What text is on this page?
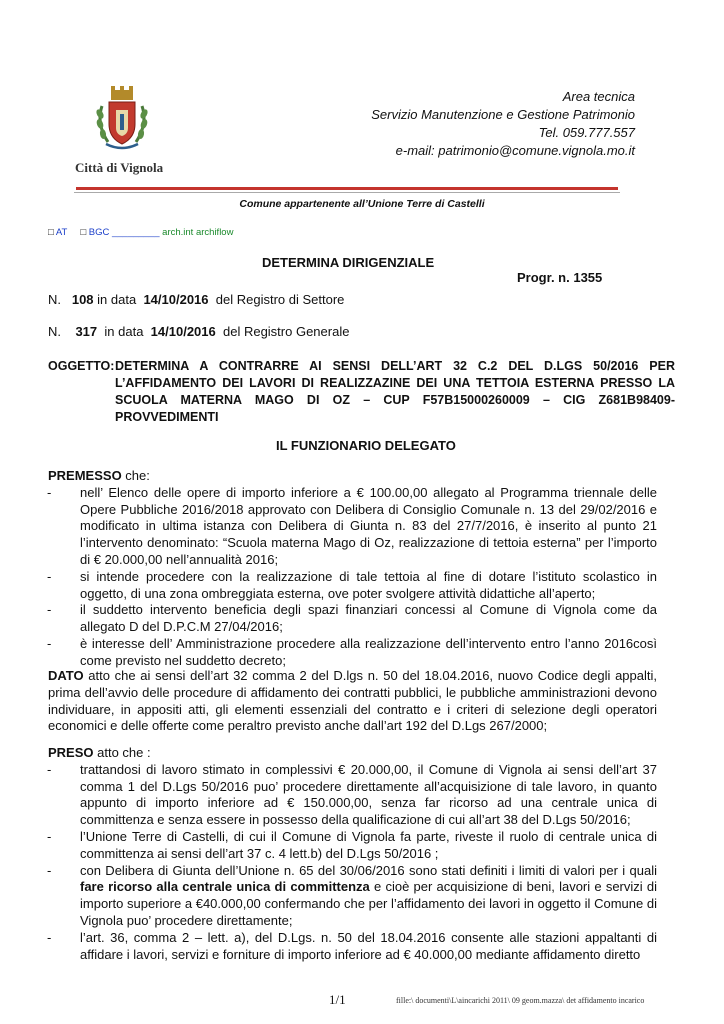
Città di Vignola
Area tecnica
Servizio Manutenzione e Gestione Patrimonio
Tel. 059.777.557
e-mail: patrimonio@comune.vignola.mo.it
Comune appartenente all’Unione Terre di Castelli
□ AT □ BGC _________ arch.int archiflow
DETERMINA DIRIGENZIALE
Progr. n. 1355
N. 108 in data 14/10/2016 del Registro di Settore
N. 317 in data 14/10/2016 del Registro Generale
OGGETTO: DETERMINA A CONTRARRE AI SENSI DELL’ART 32 C.2 DEL D.LGS 50/2016 PER L’AFFIDAMENTO DEI LAVORI DI REALIZZAZINE DEI UNA TETTOIA ESTERNA PRESSO LA SCUOLA MATERNA MAGO DI OZ – CUP F57B15000260009 – CIG Z681B98409- PROVVEDIMENTI
IL FUNZIONARIO DELEGATO
PREMESSO che:
-	nell’ Elenco delle opere di importo inferiore a € 100.00,00 allegato al Programma triennale delle Opere Pubbliche 2016/2018 approvato con Delibera di Consiglio Comunale n. 13 del 29/02/2016 e modificato in ultima istanza con Delibera di Giunta n. 83 del 27/7/2016, è inserito al punto 21 l’intervento denominato: “Scuola materna Mago di Oz, realizzazione di tettoia esterna” per l’importo di € 20.000,00 nell’annualità 2016;
-	si intende procedere con la realizzazione di tale tettoia al fine di dotare l’istituto scolastico in oggetto, di una zona ombreggiata esterna, ove poter svolgere attività didattiche all’aperto;
-	il suddetto intervento beneficia degli spazi finanziari concessi al Comune di Vignola come da allegato D del D.P.C.M 27/04/2016;
-	è interesse dell’ Amministrazione procedere alla realizzazione dell’intervento entro l’anno 2016così come previsto nel suddetto decreto;
DATO atto che ai sensi dell’art 32 comma 2 del D.lgs n. 50 del 18.04.2016, nuovo Codice degli appalti, prima dell’avvio delle procedure di affidamento dei contratti pubblici, le pubbliche amministrazioni devono individuare, in appositi atti, gli elementi essenziali del contratto e i criteri di selezione degli operatori economici e delle offerte come peraltro previsto anche dall’art 192 del D.Lgs 267/2000;
PRESO atto che :
-	trattandosi di lavoro stimato in complessivi € 20.000,00, il Comune di Vignola ai sensi dell’art 37 comma 1 del D.Lgs 50/2016 puo’ procedere direttamente all’acquisizione di tale lavoro, in quanto appunto di importo inferiore ad € 150.000,00, senza far ricorso ad una centrale unica di committenza e senza essere in possesso della qualificazione di cui all’art 38 del D.Lgs 50/2016;
-	l’Unione Terre di Castelli, di cui il Comune di Vignola fa parte, riveste il ruolo di centrale unica di committenza ai sensi dell’art 37 c. 4 lett.b) del D.Lgs 50/2016 ;
-	con Delibera di Giunta dell’Unione n. 65 del 30/06/2016 sono stati definiti i limiti di valori per i quali fare ricorso alla centrale unica di committenza e cioè per acquisizione di beni, lavori e servizi di importo superiore a €40.000,00 confermando che per l’affidamento dei lavori in oggetto il Comune di Vignola puo’ procedere direttamente;
-	l’art. 36, comma 2 – lett. a), del D.Lgs. n. 50 del 18.04.2016 consente alle stazioni appaltanti di affidare i lavori, servizi e forniture di importo inferiore ad € 40.000,00 mediante affidamento diretto
1/1	fille:\ documenti\L\aincarichi 2011\ 09 geom.mazza\ det affidamento incarico
